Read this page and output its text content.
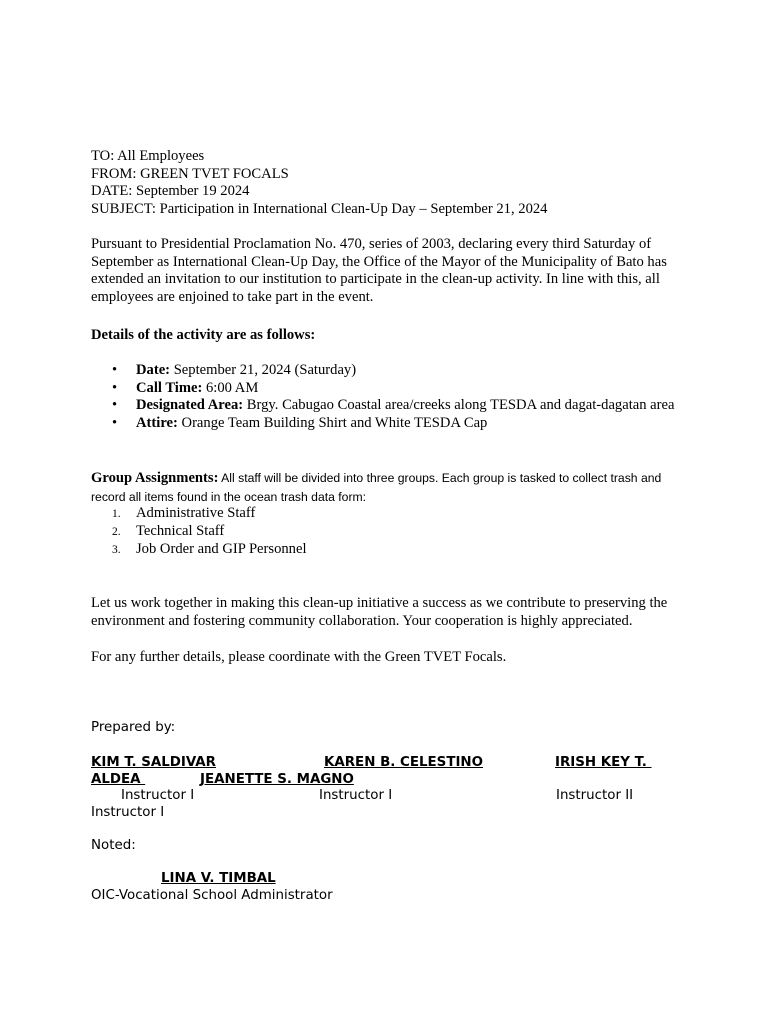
TO: All Employees
FROM: GREEN TVET FOCALS
DATE: September 19 2024
SUBJECT: Participation in International Clean-Up Day – September 21, 2024

Pursuant to Presidential Proclamation No. 470, series of 2003, declaring every third Saturday of September as International Clean-Up Day, the Office of the Mayor of the Municipality of Bato has extended an invitation to our institution to participate in the clean-up activity. In line with this, all employees are enjoined to take part in the event.

Details of the activity are as follows:
• Date: September 21, 2024 (Saturday)
• Call Time: 6:00 AM
• Designated Area: Brgy. Cabugao Coastal area/creeks along TESDA and dagat-dagatan area
• Attire: Orange Team Building Shirt and White TESDA Cap
Group Assignments: All staff will be divided into three groups. Each group is tasked to collect trash and record all items found in the ocean trash data form:
1. Administrative Staff
2. Technical Staff
3. Job Order and GIP Personnel

Let us work together in making this clean-up initiative a success as we contribute to preserving the environment and fostering community collaboration. Your cooperation is highly appreciated.

For any further details, please coordinate with the Green TVET Focals.
Prepared by:
KIM T. SALDIVAR	KAREN B. CELESTINO	IRISH KEY T.
ALDEA	JEANETTE S. MAGNO
Instructor I	Instructor I	Instructor II
Instructor I
Noted:
LINA V. TIMBAL
OIC-Vocational School Administrator
